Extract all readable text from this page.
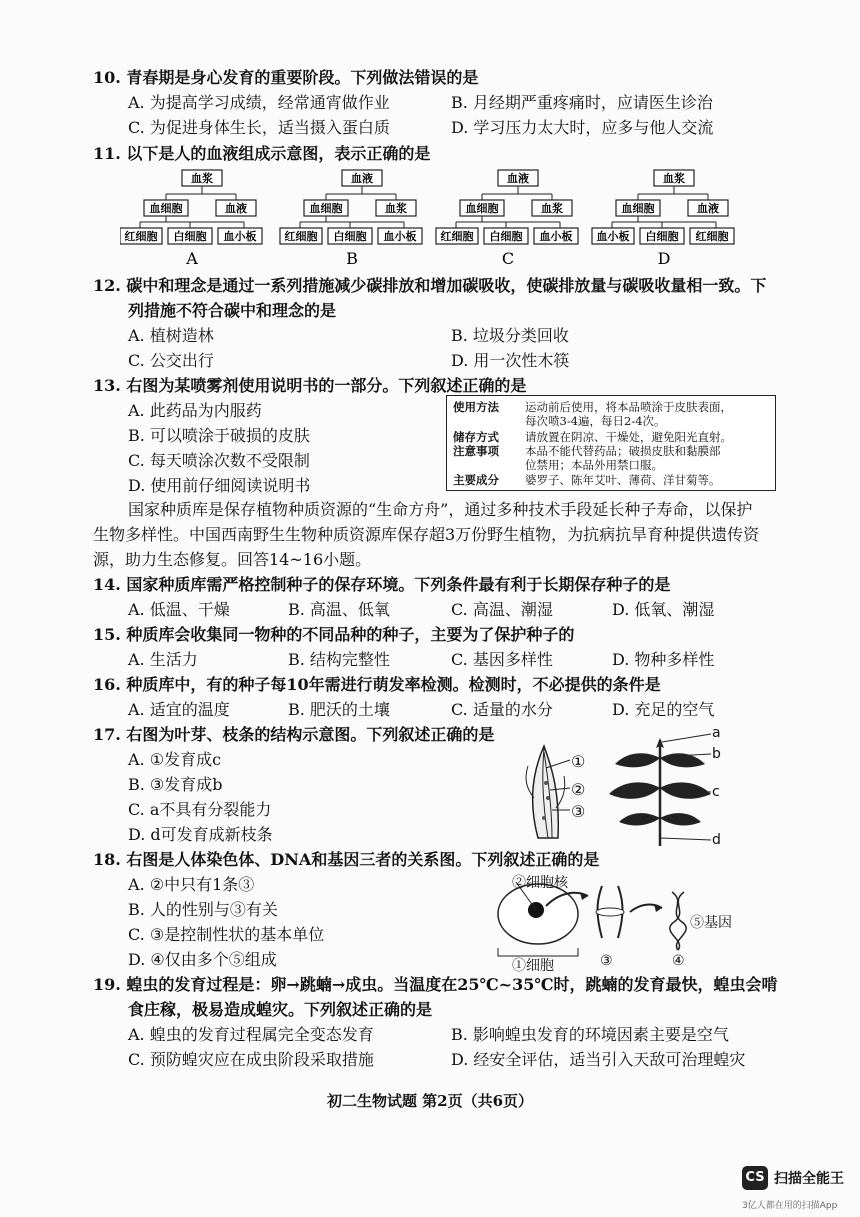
10. 青春期是身心发育的重要阶段。下列做法错误的是
A. 为提高学习成绩，经常通宵做作业	B. 月经期严重疼痛时，应请医生诊治
C. 为促进身体生长，适当摄入蛋白质	D. 学习压力太大时，应多与他人交流
11. 以下是人的血液组成示意图，表示正确的是
血浆
血细胞	血液
红细胞 白细胞 血小板
A
血液
血细胞	血浆
红细胞 白细胞 血小板
B
血液
血细胞	血浆
红细胞 白细胞 血小板
C
血浆
血细胞	血液
血小板 白细胞 红细胞
D
12. 碳中和理念是通过一系列措施减少碳排放和增加碳吸收，使碳排放量与碳吸收量相一致。下
列措施不符合碳中和理念的是
A. 植树造林	B. 垃圾分类回收
C. 公交出行	D. 用一次性木筷
13. 右图为某喷雾剂使用说明书的一部分。下列叙述正确的是
A. 此药品为内服药
B. 可以喷涂于破损的皮肤
C. 每天喷涂次数不受限制
D. 使用前仔细阅读说明书
使用方法 运动前后使用，将本品喷涂于皮肤表面，
每次喷3-4遍，每日2-4次。
储存方式 请放置在阴凉、干燥处，避免阳光直射。
注意事项 本品不能代替药品；破损皮肤和黏膜部
位禁用；本品外用禁口服。
主要成分 婆罗子、陈年艾叶、薄荷、洋甘菊等。
国家种质库是保存植物种质资源的“生命方舟”，通过多种技术手段延长种子寿命，以保护
生物多样性。中国西南野生生物种质资源库保存超3万份野生植物，为抗病抗旱育种提供遗传资
源，助力生态修复。回答14~16小题。
14. 国家种质库需严格控制种子的保存环境。下列条件最有利于长期保存种子的是
A. 低温、干燥	B. 高温、低氧	C. 高温、潮湿	D. 低氧、潮湿
15. 种质库会收集同一物种的不同品种的种子，主要为了保护种子的
A. 生活力	B. 结构完整性	C. 基因多样性	D. 物种多样性
16. 种质库中，有的种子每10年需进行萌发率检测。检测时，不必提供的条件是
A. 适宜的温度	B. 肥沃的土壤	C. 适量的水分	D. 充足的空气
17. 右图为叶芽、枝条的结构示意图。下列叙述正确的是
A. ①发育成c
B. ③发育成b
C. a不具有分裂能力
D. d可发育成新枝条
①
②
③
a
b
c
d
18. 右图是人体染色体、DNA和基因三者的关系图。下列叙述正确的是
A. ②中只有1条③
B. 人的性别与③有关
C. ③是控制性状的基本单位
D. ④仅由多个⑤组成
②细胞核
①细胞	③	④
⑤基因
19. 蝗虫的发育过程是：卵→跳蝻→成虫。当温度在25℃~35℃时，跳蝻的发育最快，蝗虫会啃
食庄稼，极易造成蝗灾。下列叙述正确的是
A. 蝗虫的发育过程属完全变态发育	B. 影响蝗虫发育的环境因素主要是空气
C. 预防蝗灾应在成虫阶段采取措施	D. 经安全评估，适当引入天敌可治理蝗灾
初二生物试题 第2页（共6页）
CS 扫描全能王
3亿人都在用的扫描App
